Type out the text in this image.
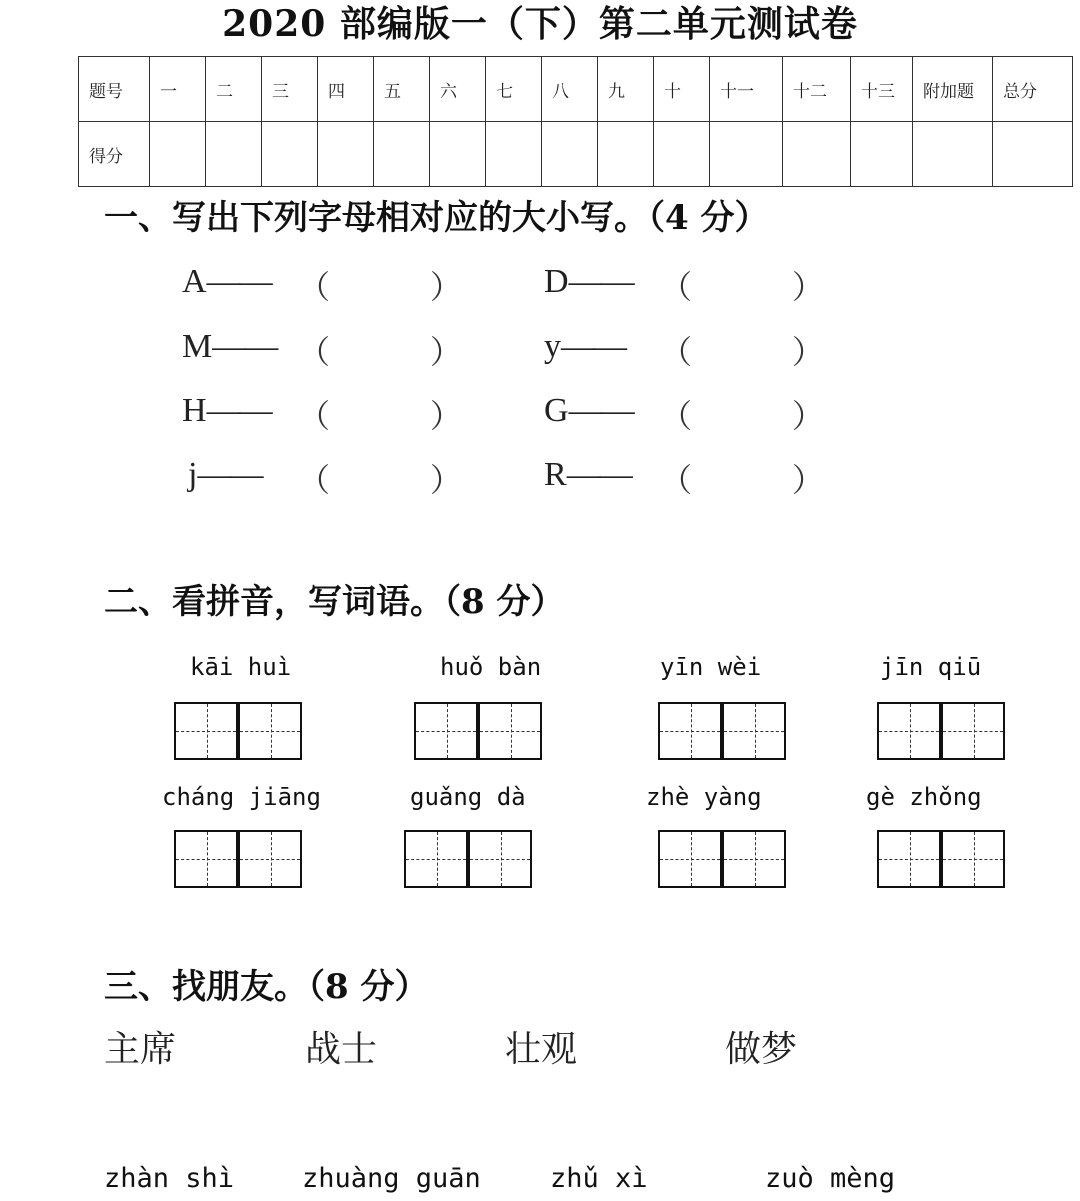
2020 部编版一（下）第二单元测试卷
题号	一	二	三	四	五	六	七	八	九	十	十一	十二	十三	附加题	总分
得分															
一、写出下列字母相对应的大小写。（4 分）
A—— （	） D—— （	）
M—— （	） y—— （	）
H—— （	） G—— （	）
j—— （	） R—— （	）
二、看拼音，写词语。（8 分）
kāi huì	huǒ bàn	yīn wèi	jīn qiū
cháng jiāng	guǎng dà	zhè yàng	gè zhǒng
三、找朋友。（8 分）
主席	战士	壮观	做梦
zhàn shì	zhuàng guān	zhǔ xì	zuò mèng
